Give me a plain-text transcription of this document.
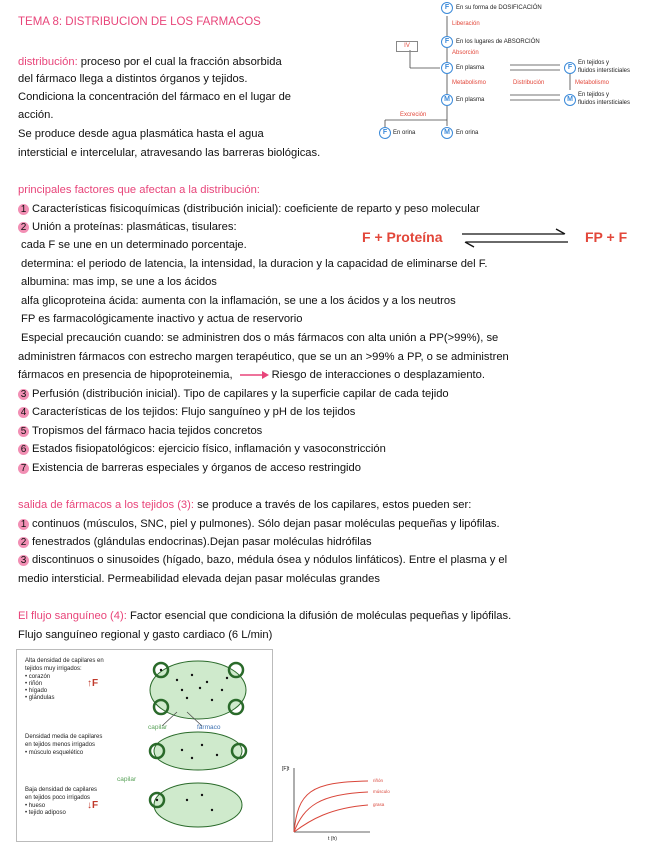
TEMA 8: DISTRIBUCION DE LOS FARMACOS
distribución: proceso por el cual la fracción absorbida
del fármaco llega a distintos órganos y tejidos.
Condiciona la concentración del fármaco en el lugar de
acción.
Se produce desde agua plasmática hasta el agua
intersticial e intercelular, atravesando las barreras biológicas.
F	En su forma de DOSIFICACIÓN
Liberación
F	En los lugares de ABSORCIÓN
Absorción
IV
F	En plasma	F
En tejidos y
fluidos intersticiales
Metabolismo	Distribución	Metabolismo
M	En plasma	M
En tejidos y
fluidos intersticiales
Excreción
F En orina	M	En orina
principales factores que afectan a la distribución:
1 Características fisicoquímicas (distribución inicial): coeficiente de reparto y peso molecular
2 Unión a proteínas: plasmáticas, tisulares:
cada F se une en un determinado porcentaje.
determina: el periodo de latencia, la intensidad, la duracion y la capacidad de eliminarse del F.
albumina: mas imp, se une a los ácidos
alfa glicoproteina ácida: aumenta con la inflamación, se une a los ácidos y a los neutros
FP es farmacológicamente inactivo y actua de reservorio
Especial precaución cuando: se administren dos o más fármacos con alta unión a PP(>99%), se
administren fármacos con estrecho margen terapéutico, que se un an >99% a PP, o se administren
fármacos en presencia de hipoproteinemia,	Riesgo de interacciones o desplazamiento.
3 Perfusión (distribución inicial). Tipo de capilares y la superficie capilar de cada tejido
4 Características de los tejidos: Flujo sanguíneo y pH de los tejidos
5 Tropismos del fármaco hacia tejidos concretos
6 Estados fisiopatológicos: ejercicio físico, inflamación y vasoconstricción
7 Existencia de barreras especiales y órganos de acceso restringido
F + Proteína	FP + F
salida de fármacos a los tejidos (3): se produce a través de los capilares, estos pueden ser:
1 continuos (músculos, SNC, piel y pulmones). Sólo dejan pasar moléculas pequeñas y lipófilas.
2 fenestrados (glándulas endocrinas).Dejan pasar moléculas hidrófilas
3 discontinuos o sinusoides (hígado, bazo, médula ósea y nódulos linfáticos). Entre el plasma y el
medio intersticial. Permeabilidad elevada dejan pasar moléculas grandes
El flujo sanguíneo (4): Factor esencial que condiciona la difusión de moléculas pequeñas y lipófilas.
Flujo sanguíneo regional y gasto cardiaco (6 L/min)
Alta densidad de capilares en
tejidos muy irrigados:
• corazón
• riñón
• hígado
• glándulas
↑F
capilar	fármaco
Densidad media de capilares
en tejidos menos irrigados
• músculo esquelético
capilar
Baja densidad de capilares
en tejidos poco irrigados
• hueso
• tejido adiposo
↓F
[F]t
t (h)
riñón
músculo
grasa
